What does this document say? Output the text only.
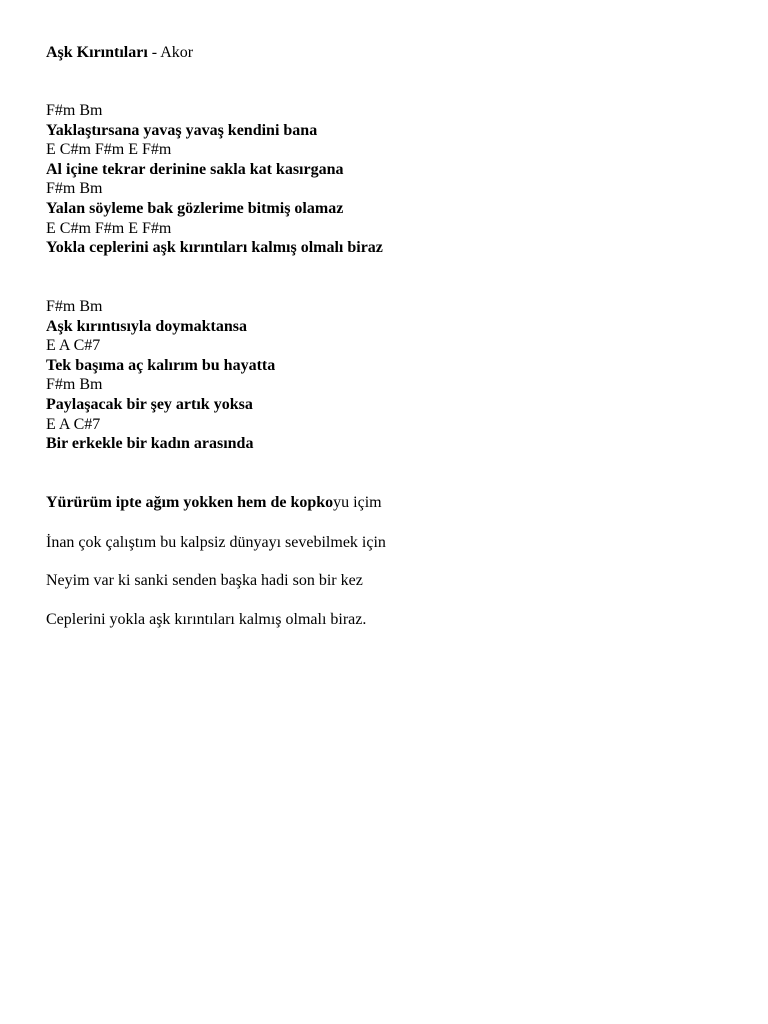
Aşk Kırıntıları - Akor
F#m Bm
Yaklaştırsana yavaş yavaş kendini bana
E C#m F#m E F#m
Al içine tekrar derinine sakla kat kasırgana
F#m Bm
Yalan söyleme bak gözlerime bitmiş olamaz
E C#m F#m E F#m
Yokla ceplerini aşk kırıntıları kalmış olmalı biraz
F#m Bm
Aşk kırıntısıyla doymaktansa
E A C#7
Tek başıma aç kalırım bu hayatta
F#m Bm
Paylaşacak bir şey artık yoksa
E A C#7
Bir erkekle bir kadın arasında
Yürürüm ipte ağım yokken hem de kopkoyu içim
İnan çok çalıştım bu kalpsiz dünyayı sevebilmek için
Neyim var ki sanki senden başka hadi son bir kez
Ceplerini yokla aşk kırıntıları kalmış olmalı biraz.
